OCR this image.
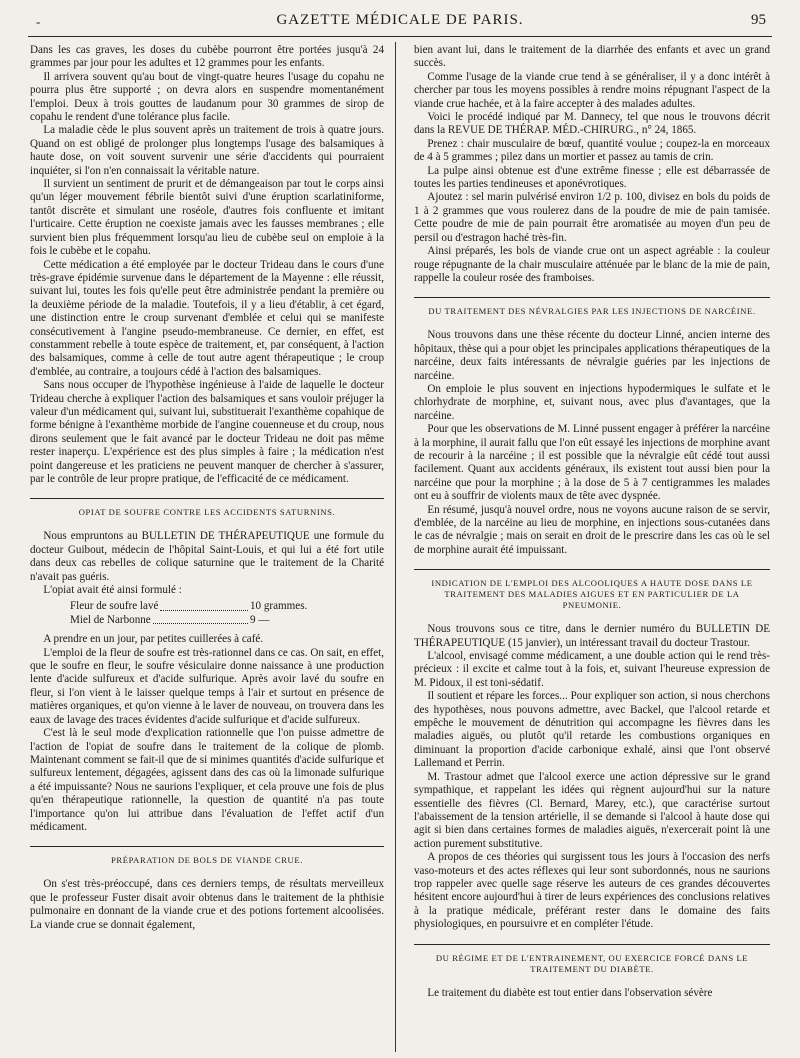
-	GAZETTE MÉDICALE DE PARIS.	95

Dans les cas graves, les doses du cubèbe pourront être portées jusqu'à 24 grammes par jour pour les adultes et 12 grammes pour les enfants.

Il arrivera souvent qu'au bout de vingt-quatre heures l'usage du copahu ne pourra plus être supporté ; on devra alors en suspendre momentanément l'emploi. Deux à trois gouttes de laudanum pour 30 grammes de sirop de copahu le rendent d'une tolérance plus facile.

La maladie cède le plus souvent après un traitement de trois à quatre jours. Quand on est obligé de prolonger plus longtemps l'usage des balsamiques à haute dose, on voit souvent survenir une série d'accidents qui pourraient inquiéter, si l'on n'en connaissait la véritable nature.

Il survient un sentiment de prurit et de démangeaison par tout le corps ainsi qu'un léger mouvement fébrile bientôt suivi d'une éruption scarlatiniforme, tantôt discrète et simulant une roséole, d'autres fois confluente et imitant l'urticaire. Cette éruption ne coexiste jamais avec les fausses membranes ; elle survient bien plus fréquemment lorsqu'au lieu de cubèbe seul on emploie à la fois le cubèbe et le copahu.

Cette médication a été employée par le docteur Trideau dans le cours d'une très-grave épidémie survenue dans le département de la Mayenne : elle réussit, suivant lui, toutes les fois qu'elle peut être administrée pendant la première ou la deuxième période de la maladie. Toutefois, il y a lieu d'établir, à cet égard, une distinction entre le croup survenant d'emblée et celui qui se manifeste consécutivement à l'angine pseudo-membraneuse. Ce dernier, en effet, est constamment rebelle à toute espèce de traitement, et, par conséquent, à l'action des balsamiques, comme à celle de tout autre agent thérapeutique ; le croup d'emblée, au contraire, a toujours cédé à l'action des balsamiques.

Sans nous occuper de l'hypothèse ingénieuse à l'aide de laquelle le docteur Trideau cherche à expliquer l'action des balsamiques et sans vouloir préjuger la valeur d'un médicament qui, suivant lui, substituerait l'exanthème copahique de forme bénigne à l'exanthème morbide de l'angine couenneuse et du croup, nous dirons seulement que le fait avancé par le docteur Trideau ne doit pas même rester inaperçu. L'expérience est des plus simples à faire ; la médication n'est point dangereuse et les praticiens ne peuvent manquer de chercher à s'assurer, par le contrôle de leur propre pratique, de l'efficacité de ce médicament.

OPIAT DE SOUFRE CONTRE LES ACCIDENTS SATURNINS.

Nous empruntons au BULLETIN DE THÉRAPEUTIQUE une formule du docteur Guibout, médecin de l'hôpital Saint-Louis, et qui lui a été fort utile dans deux cas rebelles de colique saturnine que le traitement de la Charité n'avait pas guéris.

L'opiat avait été ainsi formulé :

Fleur de soufre lavé	10 grammes.
Miel de Narbonne	9 —

A prendre en un jour, par petites cuillerées à café.

L'emploi de la fleur de soufre est très-rationnel dans ce cas. On sait, en effet, que le soufre en fleur, le soufre vésiculaire donne naissance à une production lente d'acide sulfureux et d'acide sulfurique. Après avoir lavé du soufre en fleur, si l'on vient à le laisser quelque temps à l'air et surtout en présence de matières organiques, et qu'on vienne à le laver de nouveau, on trouvera dans les eaux de lavage des traces évidentes d'acide sulfurique et d'acide sulfureux.

C'est là le seul mode d'explication rationnelle que l'on puisse admettre de l'action de l'opiat de soufre dans le traitement de la colique de plomb. Maintenant comment se fait-il que de si minimes quantités d'acide sulfurique et sulfureux lentement, dégagées, agissent dans des cas où la limonade sulfurique a été impuissante? Nous ne saurions l'expliquer, et cela prouve une fois de plus qu'en thérapeutique rationnelle, la question de quantité n'a pas toute l'importance qu'on lui attribue dans l'évaluation de l'effet actif d'un médicament.

PRÉPARATION DE BOLS DE VIANDE CRUE.

On s'est très-préoccupé, dans ces derniers temps, de résultats merveilleux que le professeur Fuster disait avoir obtenus dans le traitement de la phthisie pulmonaire en donnant de la viande crue et des potions fortement alcoolisées. La viande crue se donnait également,

bien avant lui, dans le traitement de la diarrhée des enfants et avec un grand succès.

Comme l'usage de la viande crue tend à se généraliser, il y a donc intérêt à chercher par tous les moyens possibles à rendre moins répugnant l'aspect de la viande crue hachée, et à la faire accepter à des malades adultes.

Voici le procédé indiqué par M. Dannecy, tel que nous le trouvons décrit dans la REVUE DE THÉRAP. MÉD.-CHIRURG., n° 24, 1865.

Prenez : chair musculaire de bœuf, quantité voulue ; coupez-la en morceaux de 4 à 5 grammes ; pilez dans un mortier et passez au tamis de crin.

La pulpe ainsi obtenue est d'une extrême finesse ; elle est débarrassée de toutes les parties tendineuses et aponévrotiques.

Ajoutez : sel marin pulvérisé environ 1/2 p. 100, divisez en bols du poids de 1 à 2 grammes que vous roulerez dans de la poudre de mie de pain tamisée. Cette poudre de mie de pain pourrait être aromatisée au moyen d'un peu de persil ou d'estragon haché très-fin.

Ainsi préparés, les bols de viande crue ont un aspect agréable : la couleur rouge répugnante de la chair musculaire atténuée par le blanc de la mie de pain, rappelle la couleur rosée des framboises.

DU TRAITEMENT DES NÉVRALGIES PAR LES INJECTIONS DE NARCÉINE.

Nous trouvons dans une thèse récente du docteur Linné, ancien interne des hôpitaux, thèse qui a pour objet les principales applications thérapeutiques de la narcéine, deux faits intéressants de névralgie guéries par les injections de narcéine.

On emploie le plus souvent en injections hypodermiques le sulfate et le chlorhydrate de morphine, et, suivant nous, avec plus d'avantages, que la narcéine.

Pour que les observations de M. Linné pussent engager à préférer la narcéine à la morphine, il aurait fallu que l'on eût essayé les injections de morphine avant de recourir à la narcéine ; il est possible que la névralgie eût cédé tout aussi facilement. Quant aux accidents généraux, ils existent tout aussi bien pour la narcéine que pour la morphine ; à la dose de 5 à 7 centigrammes les malades ont eu à souffrir de violents maux de tête avec dyspnée.

En résumé, jusqu'à nouvel ordre, nous ne voyons aucune raison de se servir, d'emblée, de la narcéine au lieu de morphine, en injections sous-cutanées dans le cas de névralgie ; mais on serait en droit de le prescrire dans les cas où le sel de morphine aurait été impuissant.

INDICATION DE L'EMPLOI DES ALCOOLIQUES A HAUTE DOSE DANS LE TRAITEMENT DES MALADIES AIGUES ET EN PARTICULIER DE LA PNEUMONIE.

Nous trouvons sous ce titre, dans le dernier numéro du BULLETIN DE THÉRAPEUTIQUE (15 janvier), un intéressant travail du docteur Trastour.

L'alcool, envisagé comme médicament, a une double action qui le rend très-précieux : il excite et calme tout à la fois, et, suivant l'heureuse expression de M. Pidoux, il est toni-sédatif.

Il soutient et répare les forces... Pour expliquer son action, si nous cherchons des hypothèses, nous pouvons admettre, avec Backel, que l'alcool retarde et empêche le mouvement de dénutrition qui accompagne les fièvres dans les maladies aiguës, ou plutôt qu'il retarde les combustions organiques en diminuant la proportion d'acide carbonique exhalé, ainsi que l'ont observé Lallemand et Perrin.

M. Trastour admet que l'alcool exerce une action dépressive sur le grand sympathique, et rappelant les idées qui règnent aujourd'hui sur la nature essentielle des fièvres (Cl. Bernard, Marey, etc.), que caractérise surtout l'abaissement de la tension artérielle, il se demande si l'alcool à haute dose qui agit si bien dans certaines formes de maladies aiguës, n'exercerait point là une action purement substitutive.

A propos de ces théories qui surgissent tous les jours à l'occasion des nerfs vaso-moteurs et des actes réflexes qui leur sont subordonnés, nous ne saurions trop rappeler avec quelle sage réserve les auteurs de ces grandes découvertes hésitent encore aujourd'hui à tirer de leurs expériences des conclusions relatives à la pratique médicale, préférant rester dans le domaine des faits physiologiques, en poursuivre et en compléter l'étude.

DU RÉGIME ET DE L'ENTRAINEMENT, OU EXERCICE FORCÉ DANS LE TRAITEMENT DU DIABÈTE.

Le traitement du diabète est tout entier dans l'observation sévère
